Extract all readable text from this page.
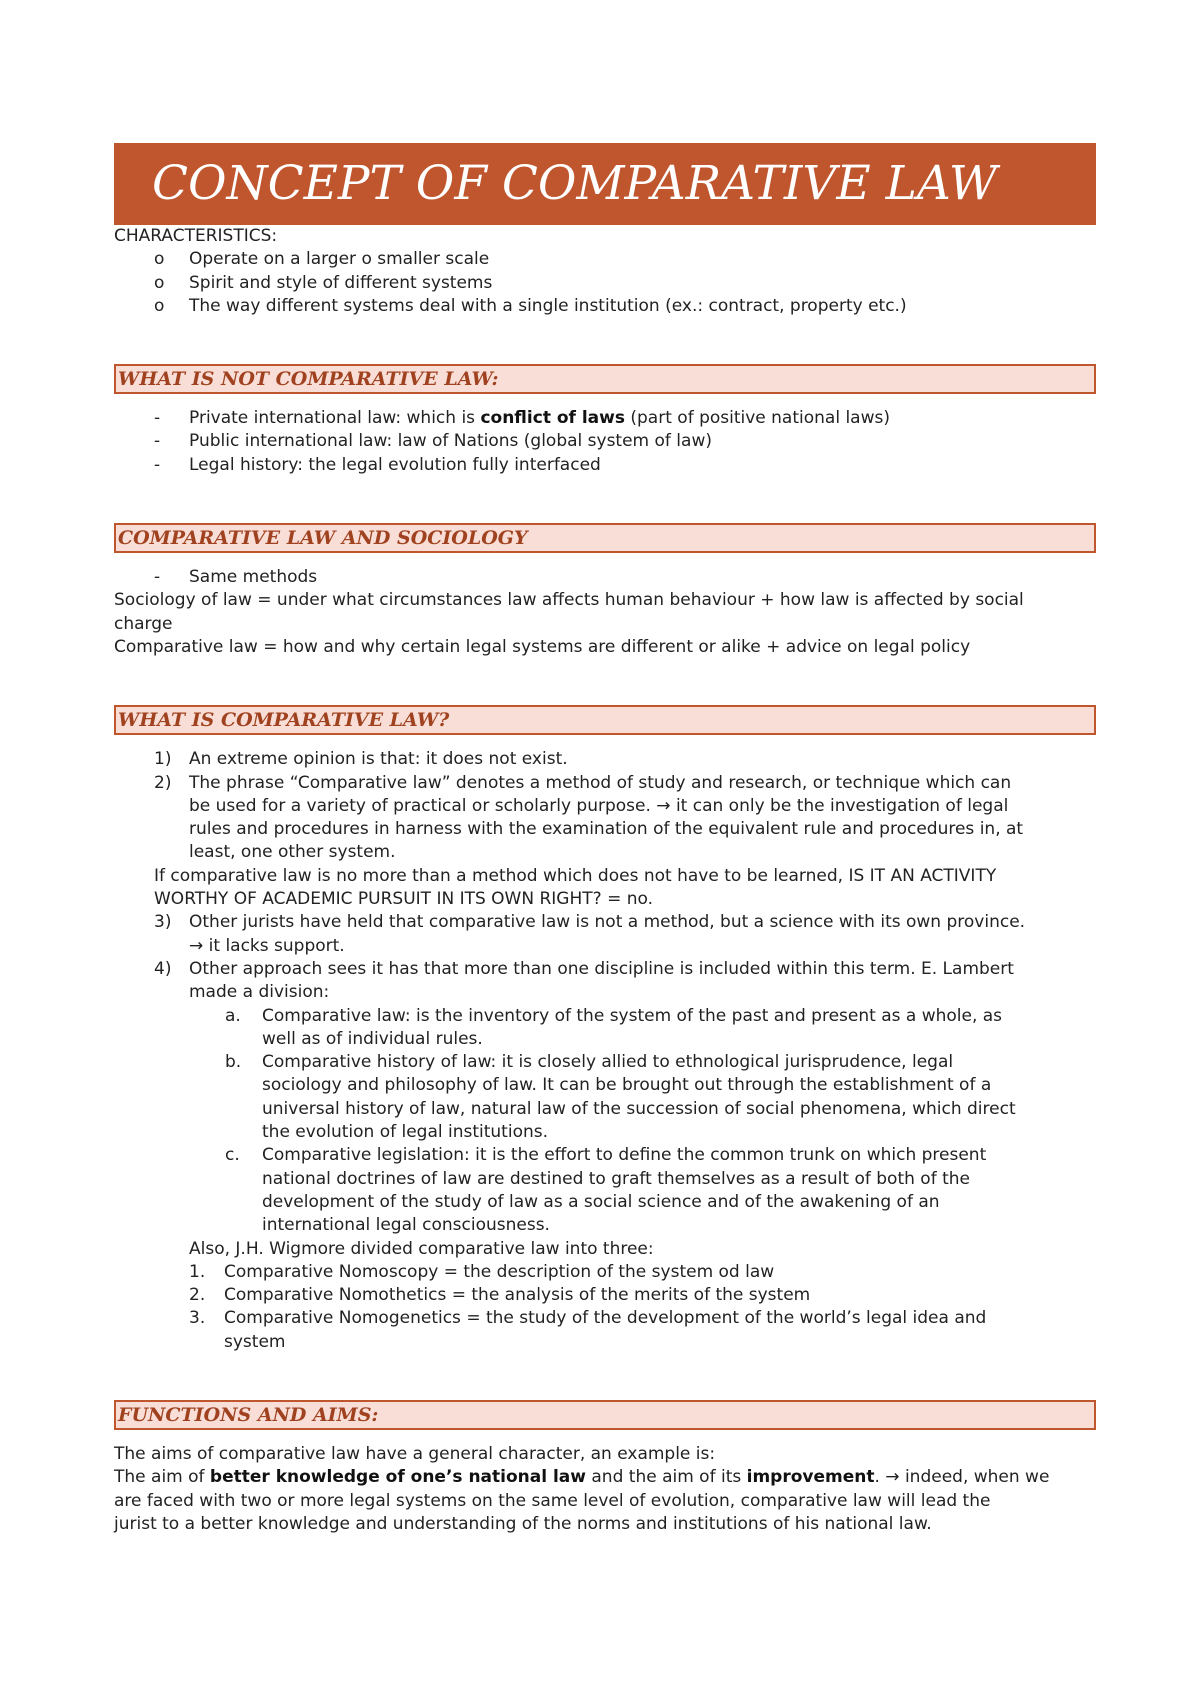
CONCEPT OF COMPARATIVE LAW
CHARACTERISTICS:
o Operate on a larger o smaller scale
o Spirit and style of different systems
o The way different systems deal with a single institution (ex.: contract, property etc.)
WHAT IS NOT COMPARATIVE LAW:
- Private international law: which is conflict of laws (part of positive national laws)
- Public international law: law of Nations (global system of law)
- Legal history: the legal evolution fully interfaced
COMPARATIVE LAW AND SOCIOLOGY
- Same methods
Sociology of law = under what circumstances law affects human behaviour + how law is affected by social
charge
Comparative law = how and why certain legal systems are different or alike + advice on legal policy
WHAT IS COMPARATIVE LAW?
1) An extreme opinion is that: it does not exist.
2) The phrase “Comparative law” denotes a method of study and research, or technique which can
be used for a variety of practical or scholarly purpose. → it can only be the investigation of legal
rules and procedures in harness with the examination of the equivalent rule and procedures in, at
least, one other system.
If comparative law is no more than a method which does not have to be learned, IS IT AN ACTIVITY
WORTHY OF ACADEMIC PURSUIT IN ITS OWN RIGHT? = no.
3) Other jurists have held that comparative law is not a method, but a science with its own province.
→ it lacks support.
4) Other approach sees it has that more than one discipline is included within this term. E. Lambert
made a division:
a. Comparative law: is the inventory of the system of the past and present as a whole, as
well as of individual rules.
b. Comparative history of law: it is closely allied to ethnological jurisprudence, legal
sociology and philosophy of law. It can be brought out through the establishment of a
universal history of law, natural law of the succession of social phenomena, which direct
the evolution of legal institutions.
c. Comparative legislation: it is the effort to define the common trunk on which present
national doctrines of law are destined to graft themselves as a result of both of the
development of the study of law as a social science and of the awakening of an
international legal consciousness.
Also, J.H. Wigmore divided comparative law into three:
1. Comparative Nomoscopy = the description of the system od law
2. Comparative Nomothetics = the analysis of the merits of the system
3. Comparative Nomogenetics = the study of the development of the world’s legal idea and
system
FUNCTIONS AND AIMS:
The aims of comparative law have a general character, an example is:
The aim of better knowledge of one’s national law and the aim of its improvement. → indeed, when we
are faced with two or more legal systems on the same level of evolution, comparative law will lead the
jurist to a better knowledge and understanding of the norms and institutions of his national law.
